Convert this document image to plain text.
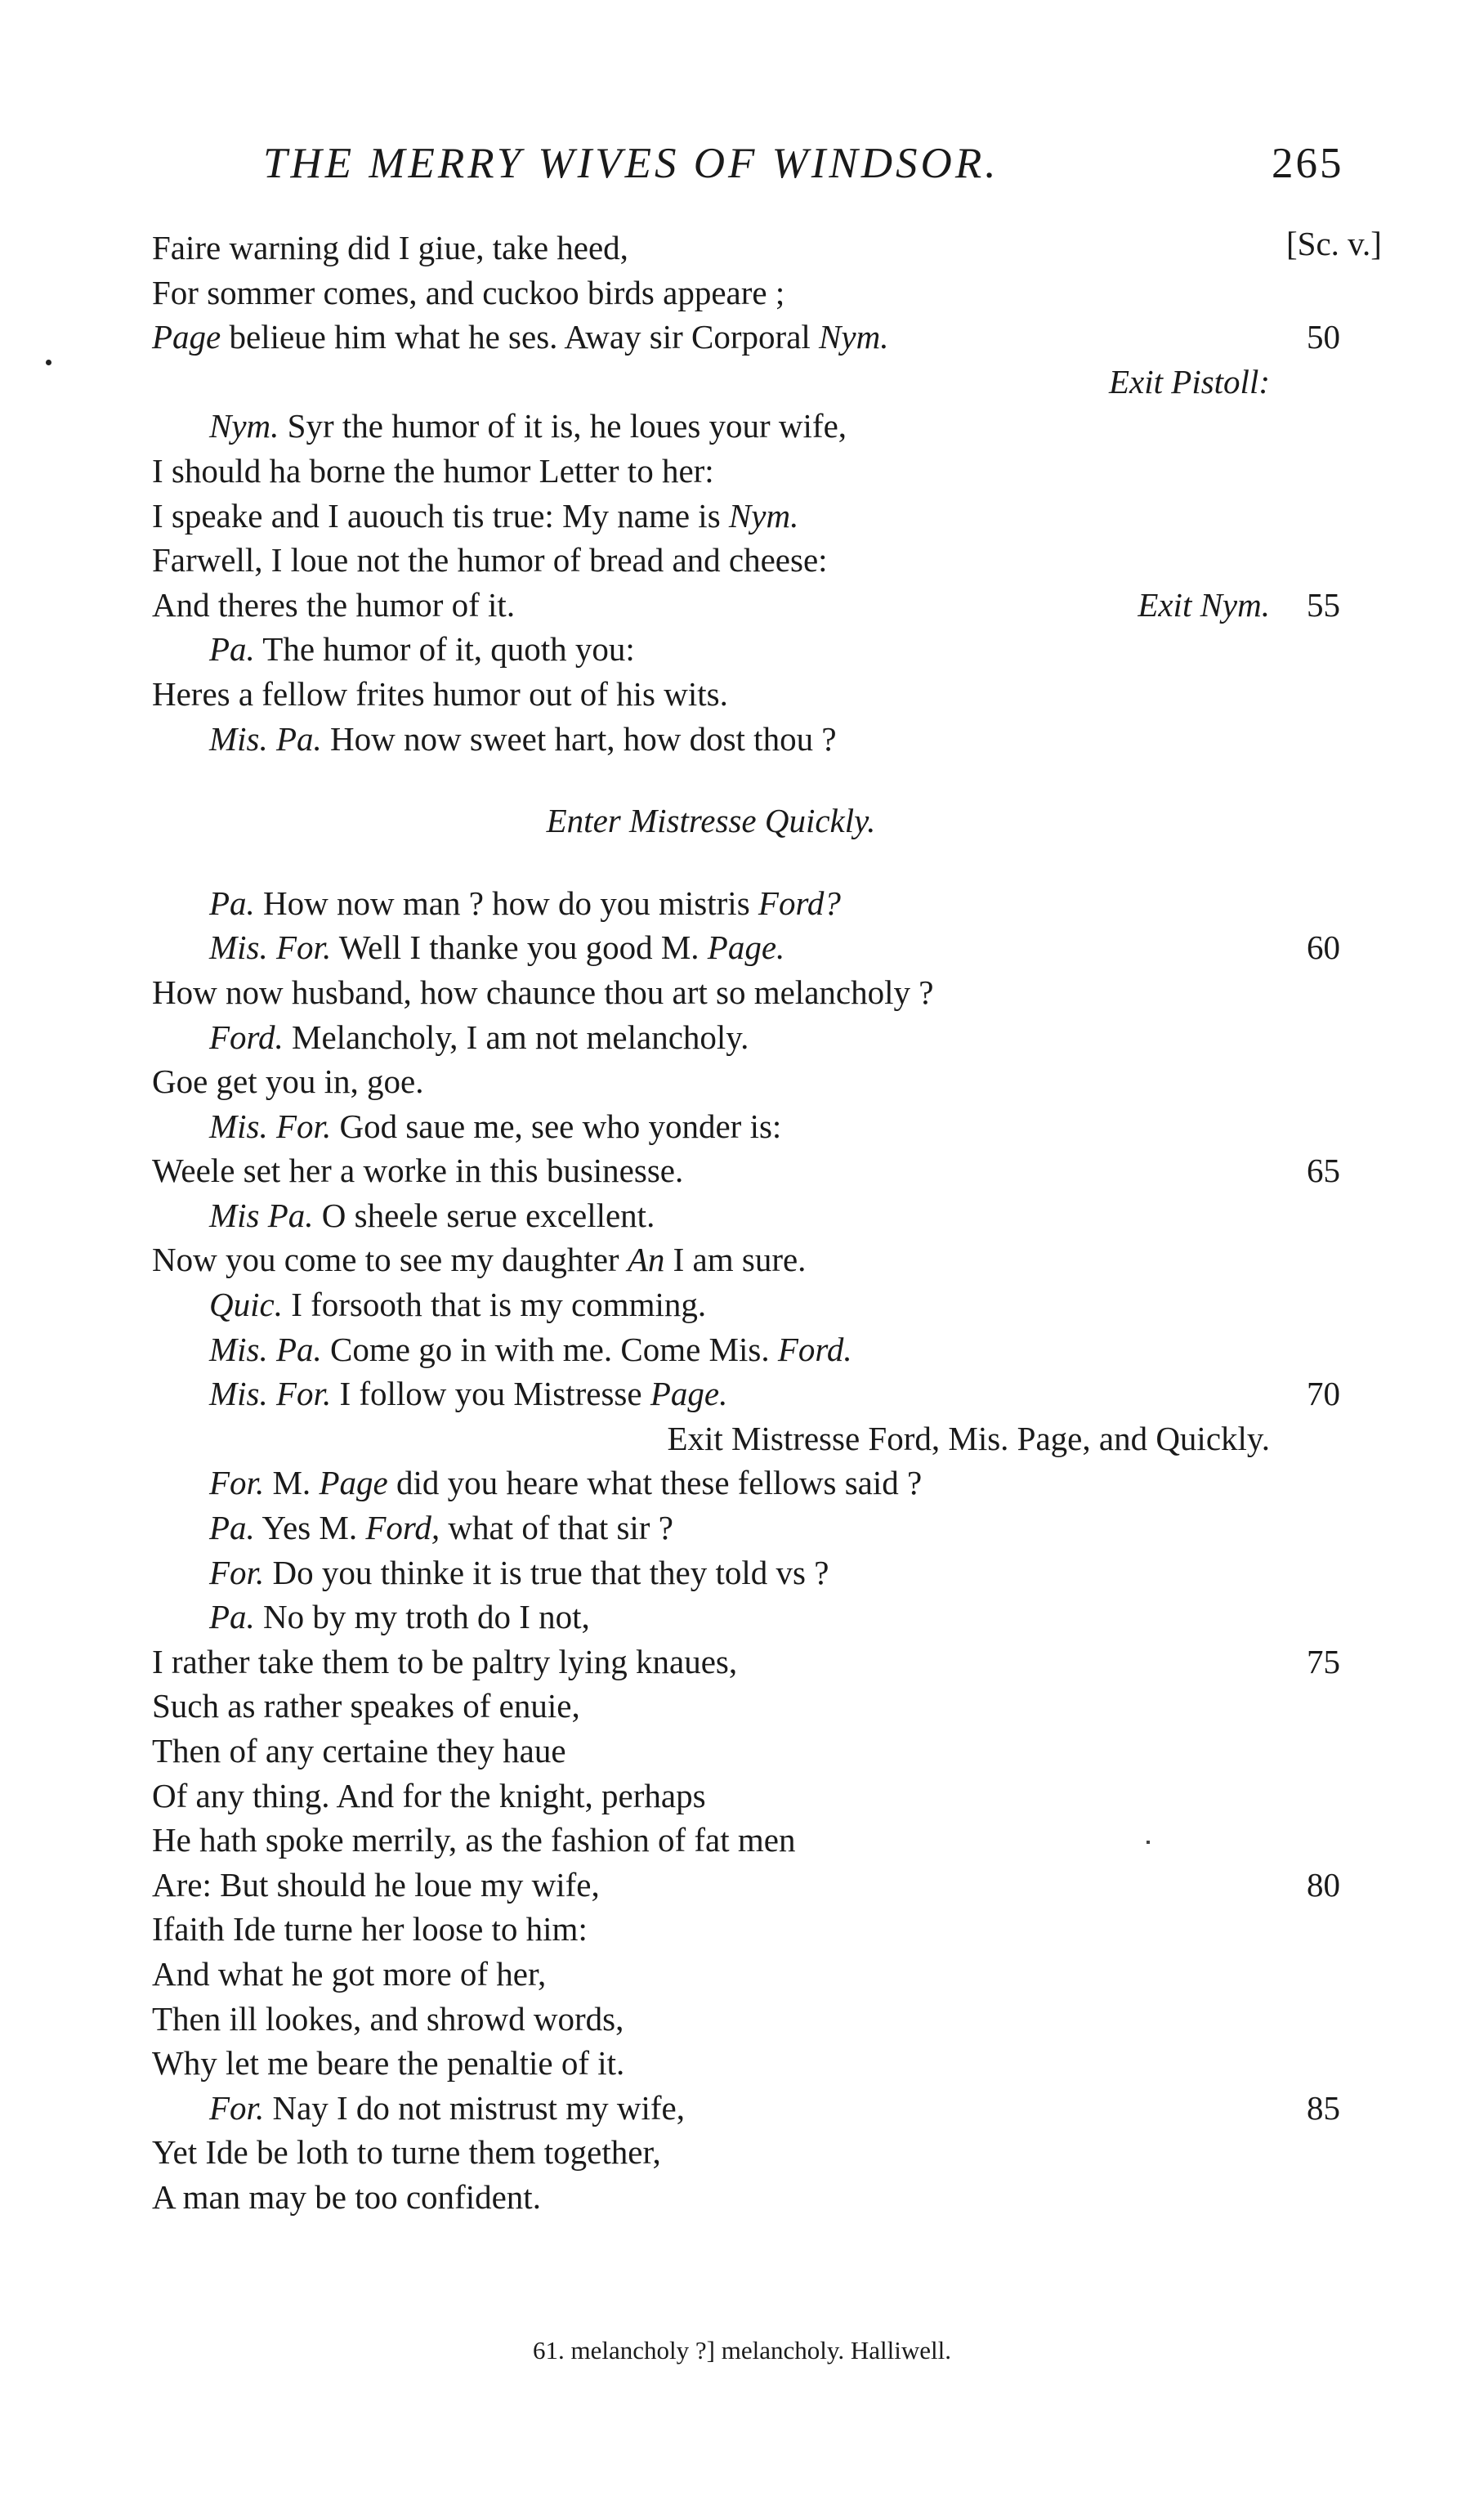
THE MERRY WIVES OF WINDSOR.	265
[Sc. v.]
Faire warning did I giue, take heed,
For sommer comes, and cuckoo birds appeare ;
Page belieue him what he ses. Away sir Corporal Nym.	50
Exit Pistoll:
Nym. Syr the humor of it is, he loues your wife,
I should ha borne the humor Letter to her:
I speake and I auouch tis true: My name is Nym.
Farwell, I loue not the humor of bread and cheese:
And theres the humor of it.	Exit Nym. 55
Pa. The humor of it, quoth you:
Heres a fellow frites humor out of his wits.
Mis. Pa. How now sweet hart, how dost thou ?
Enter Mistresse Quickly.
Pa. How now man ? how do you mistris Ford?
Mis. For. Well I thanke you good M. Page.	60
How now husband, how chaunce thou art so melancholy ?
Ford. Melancholy, I am not melancholy.
Goe get you in, goe.
Mis. For. God saue me, see who yonder is:
Weele set her a worke in this businesse.	65
Mis Pa. O sheele serue excellent.
Now you come to see my daughter An I am sure.
Quic. I forsooth that is my comming.
Mis. Pa. Come go in with me. Come Mis. Ford.
Mis. For. I follow you Mistresse Page.	70
Exit Mistresse Ford, Mis. Page, and Quickly.
For. M. Page did you heare what these fellows said ?
Pa. Yes M. Ford, what of that sir ?
For. Do you thinke it is true that they told vs ?
Pa. No by my troth do I not,
I rather take them to be paltry lying knaues,	75
Such as rather speakes of enuie,
Then of any certaine they haue
Of any thing. And for the knight, perhaps
He hath spoke merrily, as the fashion of fat men
Are: But should he loue my wife,	80
Ifaith Ide turne her loose to him:
And what he got more of her,
Then ill lookes, and shrowd words,
Why let me beare the penaltie of it.
For. Nay I do not mistrust my wife,	85
Yet Ide be loth to turne them together,
A man may be too confident.
61. melancholy ?] melancholy. Halliwell.
